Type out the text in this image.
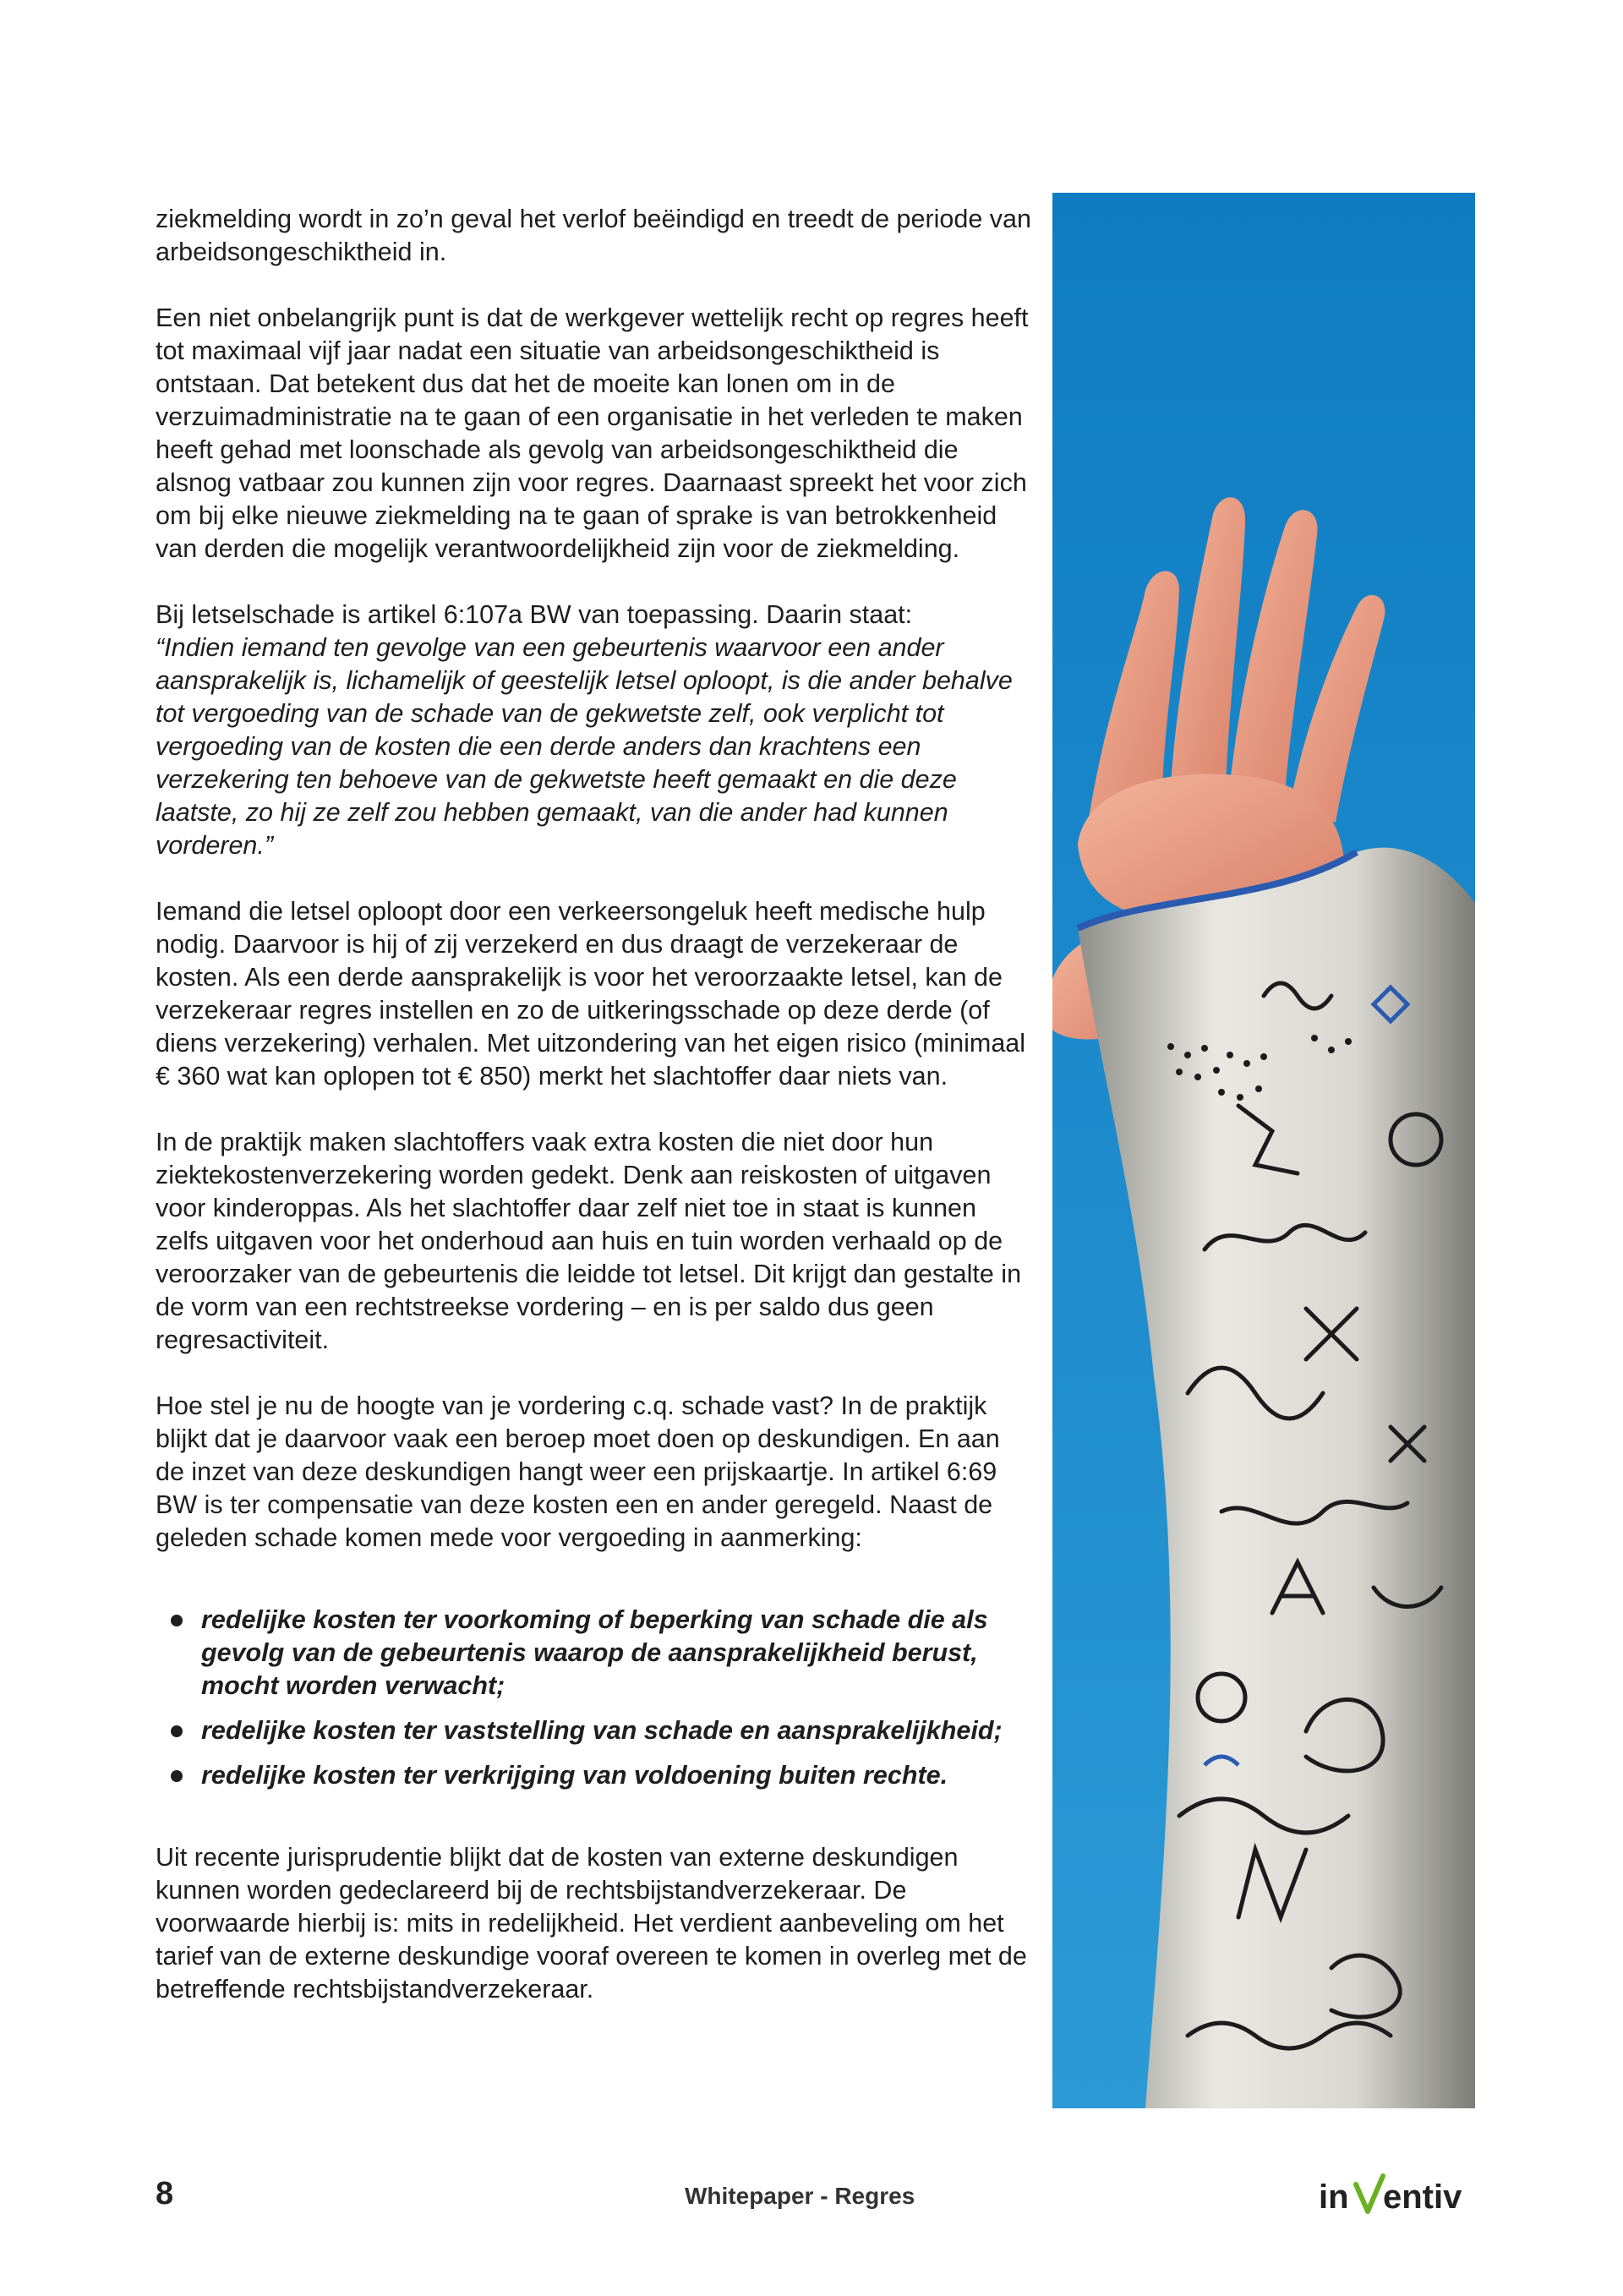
ziekmelding wordt in zo’n geval het verlof beëindigd en treedt de periode van arbeidsongeschiktheid in.

Een niet onbelangrijk punt is dat de werkgever wettelijk recht op regres heeft tot maximaal vijf jaar nadat een situatie van arbeidsongeschiktheid is ontstaan. Dat betekent dus dat het de moeite kan lonen om in de verzuimadministratie na te gaan of een organisatie in het verleden te maken heeft gehad met loonschade als gevolg van arbeidsongeschiktheid die alsnog vatbaar zou kunnen zijn voor regres. Daarnaast spreekt het voor zich om bij elke nieuwe ziekmelding na te gaan of sprake is van betrokkenheid van derden die mogelijk verantwoordelijkheid zijn voor de ziekmelding.

Bij letselschade is artikel 6:107a BW van toepassing. Daarin staat:
“Indien iemand ten gevolge van een gebeurtenis waarvoor een ander aansprakelijk is, lichamelijk of geestelijk letsel oploopt, is die ander behalve tot vergoeding van de schade van de gekwetste zelf, ook verplicht tot vergoeding van de kosten die een derde anders dan krachtens een verzekering ten behoeve van de gekwetste heeft gemaakt en die deze laatste, zo hij ze zelf zou hebben gemaakt, van die ander had kunnen vorderen.”

Iemand die letsel oploopt door een verkeersongeluk heeft medische hulp nodig. Daarvoor is hij of zij verzekerd en dus draagt de verzekeraar de kosten. Als een derde aansprakelijk is voor het veroorzaakte letsel, kan de verzekeraar regres instellen en zo de uitkeringsschade op deze derde (of diens verzekering) verhalen. Met uitzondering van het eigen risico (minimaal € 360 wat kan oplopen tot € 850) merkt het slachtoffer daar niets van.

In de praktijk maken slachtoffers vaak extra kosten die niet door hun ziektekostenverzekering worden gedekt. Denk aan reiskosten of uitgaven voor kinderoppas. Als het slachtoffer daar zelf niet toe in staat is kunnen zelfs uitgaven voor het onderhoud aan huis en tuin worden verhaald op de veroorzaker van de gebeurtenis die leidde tot letsel. Dit krijgt dan gestalte in de vorm van een rechtstreekse vordering – en is per saldo dus geen regresactiviteit.

Hoe stel je nu de hoogte van je vordering c.q. schade vast? In de praktijk blijkt dat je daarvoor vaak een beroep moet doen op deskundigen. En aan de inzet van deze deskundigen hangt weer een prijskaartje. In artikel 6:69 BW is ter compensatie van deze kosten een en ander geregeld. Naast de geleden schade komen mede voor vergoeding in aanmerking:

redelijke kosten ter voorkoming of beperking van schade die als gevolg van de gebeurtenis waarop de aansprakelijkheid berust, mocht worden verwacht;
redelijke kosten ter vaststelling van schade en aansprakelijkheid;
redelijke kosten ter verkrijging van voldoening buiten rechte.

Uit recente jurisprudentie blijkt dat de kosten van externe deskundigen kunnen worden gedeclareerd bij de rechtsbijstandverzekeraar. De voorwaarde hierbij is: mits in redelijkheid. Het verdient aanbeveling om het tarief van de externe deskundige vooraf overeen te komen in overleg met de betreffende rechtsbijstandverzekeraar.

8	Whitepaper - Regres	in entiv
